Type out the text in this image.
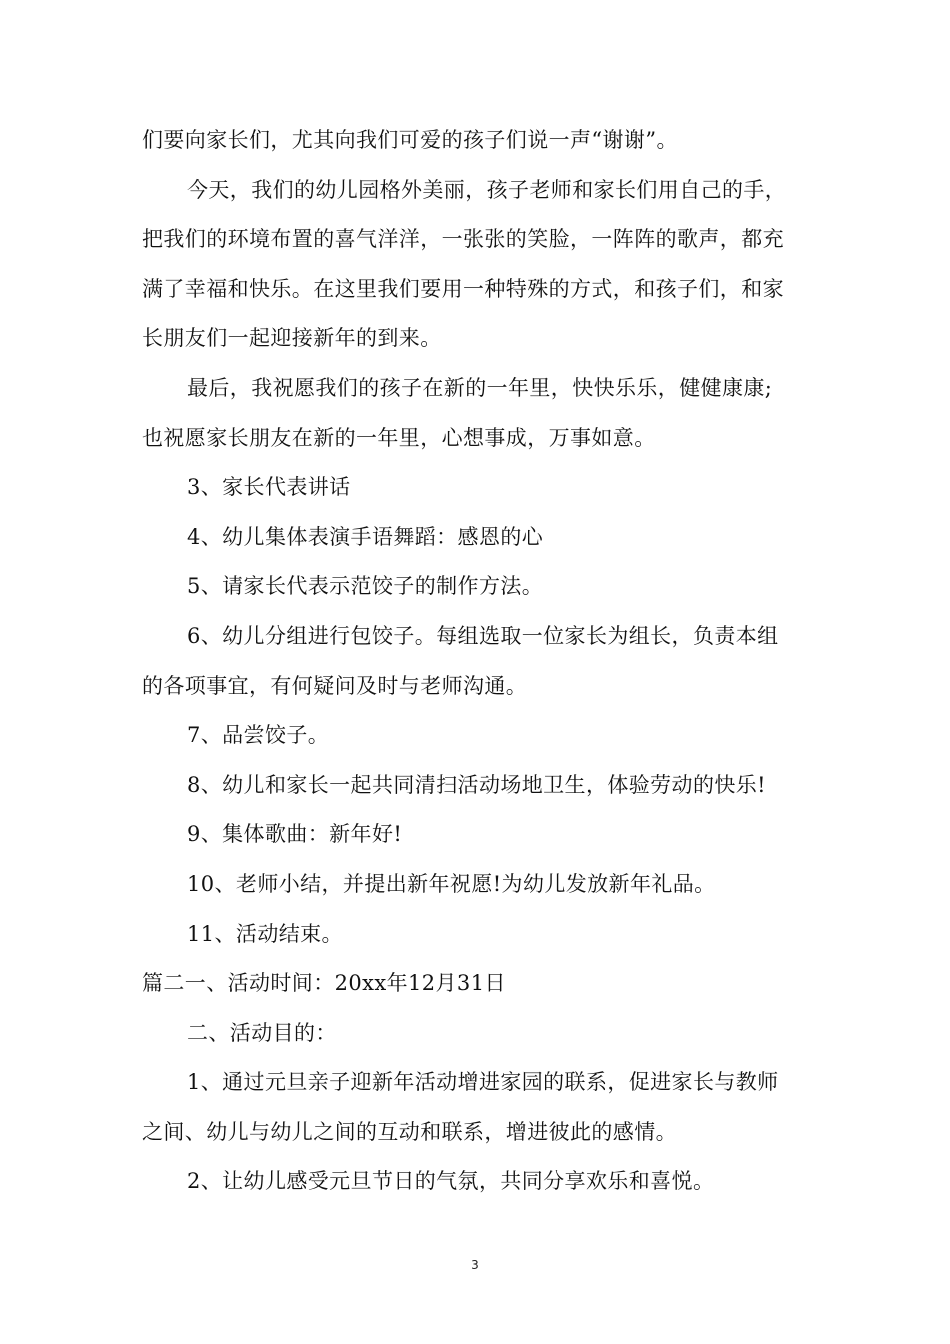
们要向家长们，尤其向我们可爱的孩子们说一声“谢谢”。

今天，我们的幼儿园格外美丽，孩子老师和家长们用自己的手，

把我们的环境布置的喜气洋洋，一张张的笑脸，一阵阵的歌声，都充

满了幸福和快乐。在这里我们要用一种特殊的方式，和孩子们，和家

长朋友们一起迎接新年的到来。

最后，我祝愿我们的孩子在新的一年里，快快乐乐，健健康康;

也祝愿家长朋友在新的一年里，心想事成，万事如意。

3、家长代表讲话

4、幼儿集体表演手语舞蹈：感恩的心

5、请家长代表示范饺子的制作方法。

6、幼儿分组进行包饺子。每组选取一位家长为组长，负责本组

的各项事宜，有何疑问及时与老师沟通。

7、品尝饺子。

8、幼儿和家长一起共同清扫活动场地卫生，体验劳动的快乐!

9、集体歌曲：新年好!

10、老师小结，并提出新年祝愿!为幼儿发放新年礼品。

11、活动结束。

篇二一、活动时间：20xx年12月31日

二、活动目的：

1、通过元旦亲子迎新年活动增进家园的联系，促进家长与教师

之间、幼儿与幼儿之间的互动和联系，增进彼此的感情。

2、让幼儿感受元旦节日的气氛，共同分享欢乐和喜悦。

3
